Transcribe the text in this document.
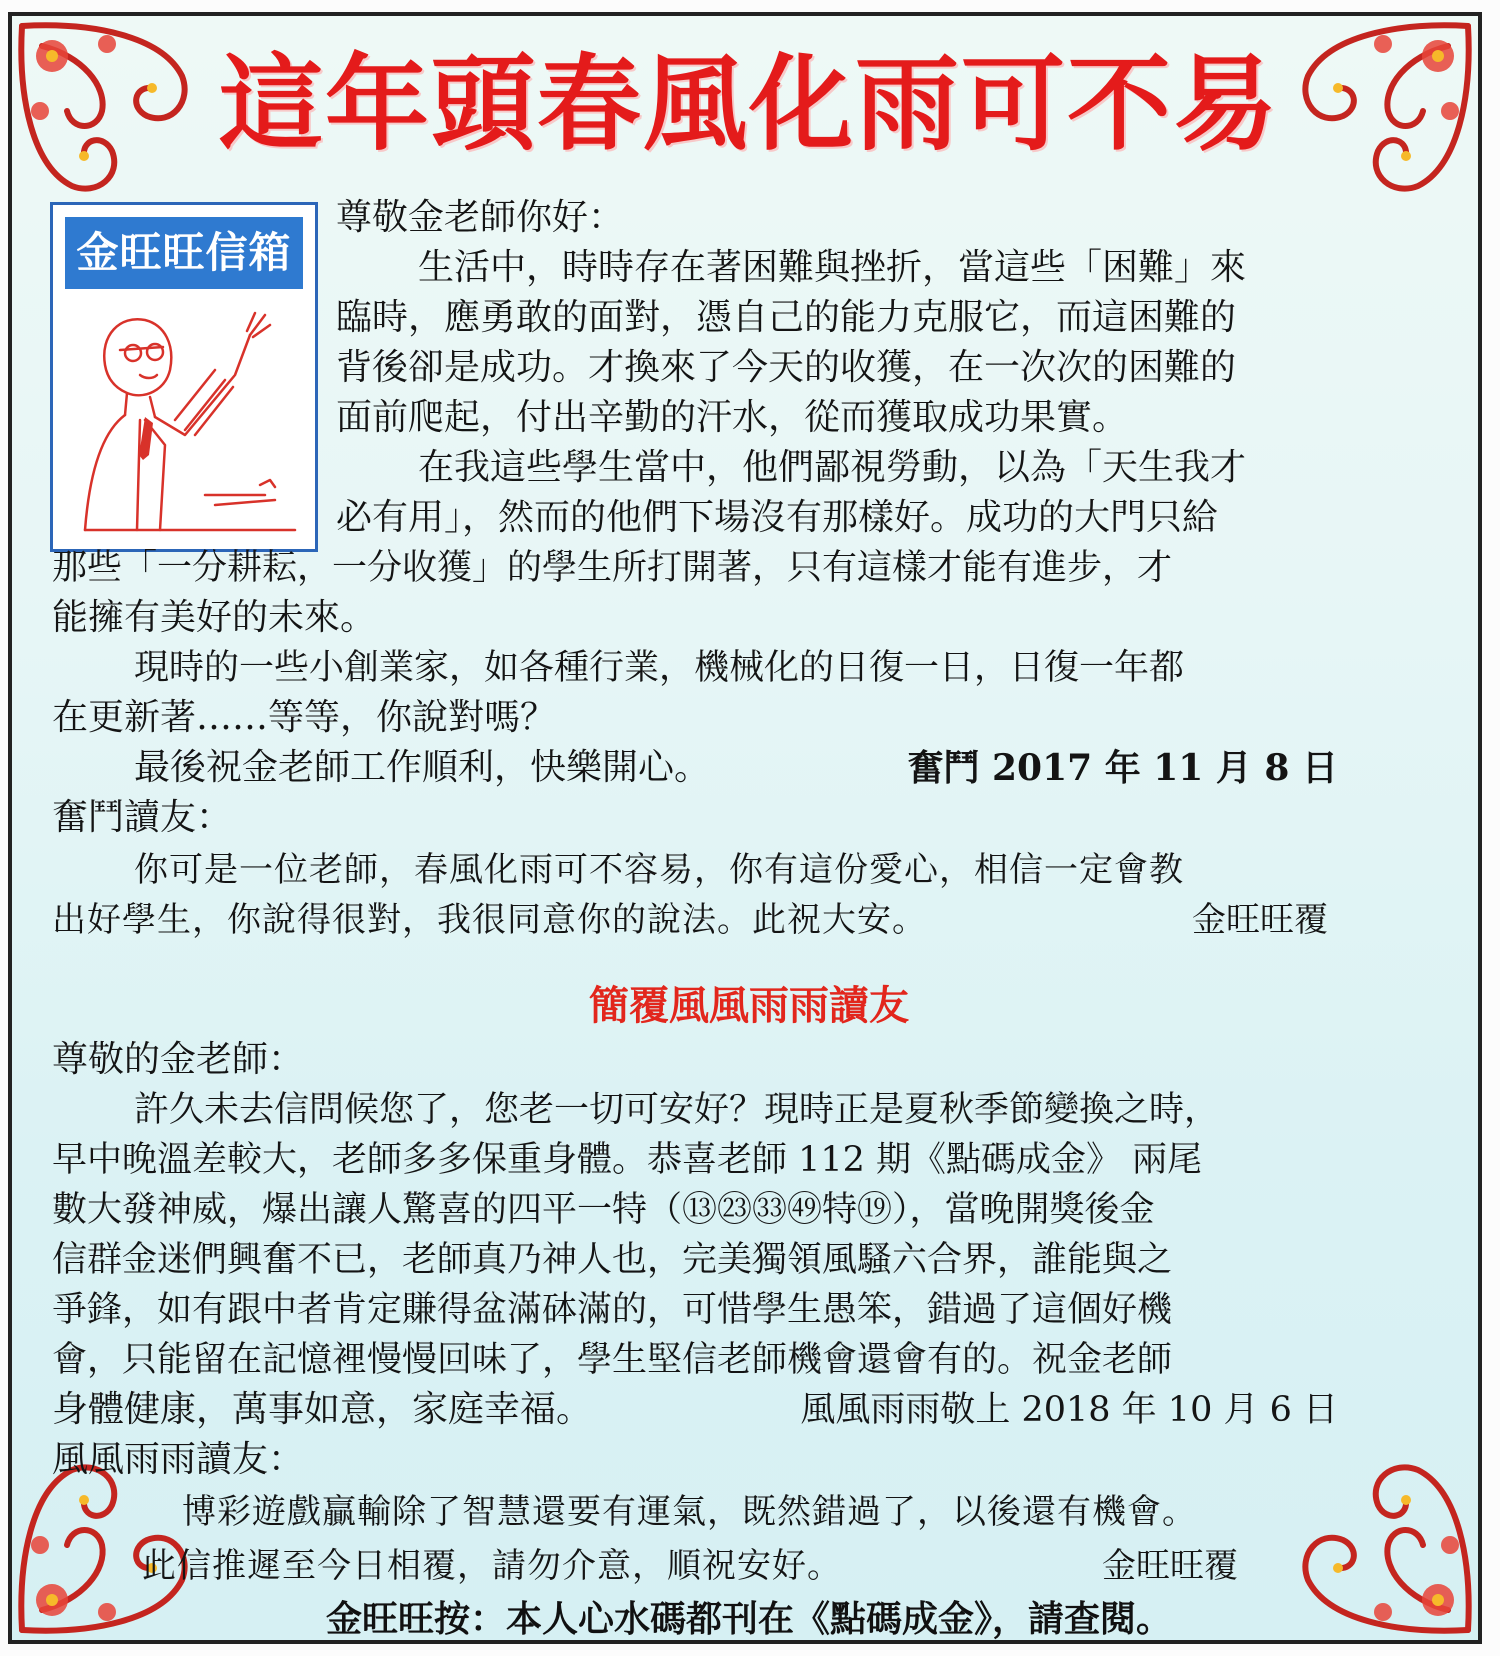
這年頭春風化雨可不易
金旺旺信箱
尊敬金老師你好：
生活中，時時存在著困難與挫折，當這些「困難」來
臨時，應勇敢的面對，憑自己的能力克服它，而這困難的
背後卻是成功。才換來了今天的收獲，在一次次的困難的
面前爬起，付出辛勤的汗水，從而獲取成功果實。
在我這些學生當中，他們鄙視勞動，以為「天生我才
必有用」，然而的他們下場沒有那樣好。成功的大門只給
那些「一分耕耘，一分收獲」的學生所打開著，只有這樣才能有進步，才
能擁有美好的未來。
現時的一些小創業家，如各種行業，機械化的日復一日，日復一年都
在更新著……等等，你說對嗎？
最後祝金老師工作順利，快樂開心。	奮鬥 2017 年 11 月 8 日
奮鬥讀友：
你可是一位老師，春風化雨可不容易，你有這份愛心，相信一定會教
出好學生，你說得很對，我很同意你的說法。此祝大安。	金旺旺覆
簡覆風風雨雨讀友
尊敬的金老師：
許久未去信問候您了，您老一切可安好？現時正是夏秋季節變換之時，
早中晚溫差較大，老師多多保重身體。恭喜老師 112 期《點碼成金》 兩尾
數大發神威，爆出讓人驚喜的四平一特（⑬㉓㉝㊾特⑲），當晚開獎後金
信群金迷們興奮不已，老師真乃神人也，完美獨領風騷六合界，誰能與之
爭鋒，如有跟中者肯定賺得盆滿砵滿的，可惜學生愚笨，錯過了這個好機
會，只能留在記憶裡慢慢回味了，學生堅信老師機會還會有的。祝金老師
身體健康，萬事如意，家庭幸福。	風風雨雨敬上 2018 年 10 月 6 日
風風雨雨讀友：
博彩遊戲贏輸除了智慧還要有運氣，既然錯過了，以後還有機會。
此信推遲至今日相覆，請勿介意，順祝安好。	金旺旺覆
金旺旺按：本人心水碼都刊在《點碼成金》，請查閱。
